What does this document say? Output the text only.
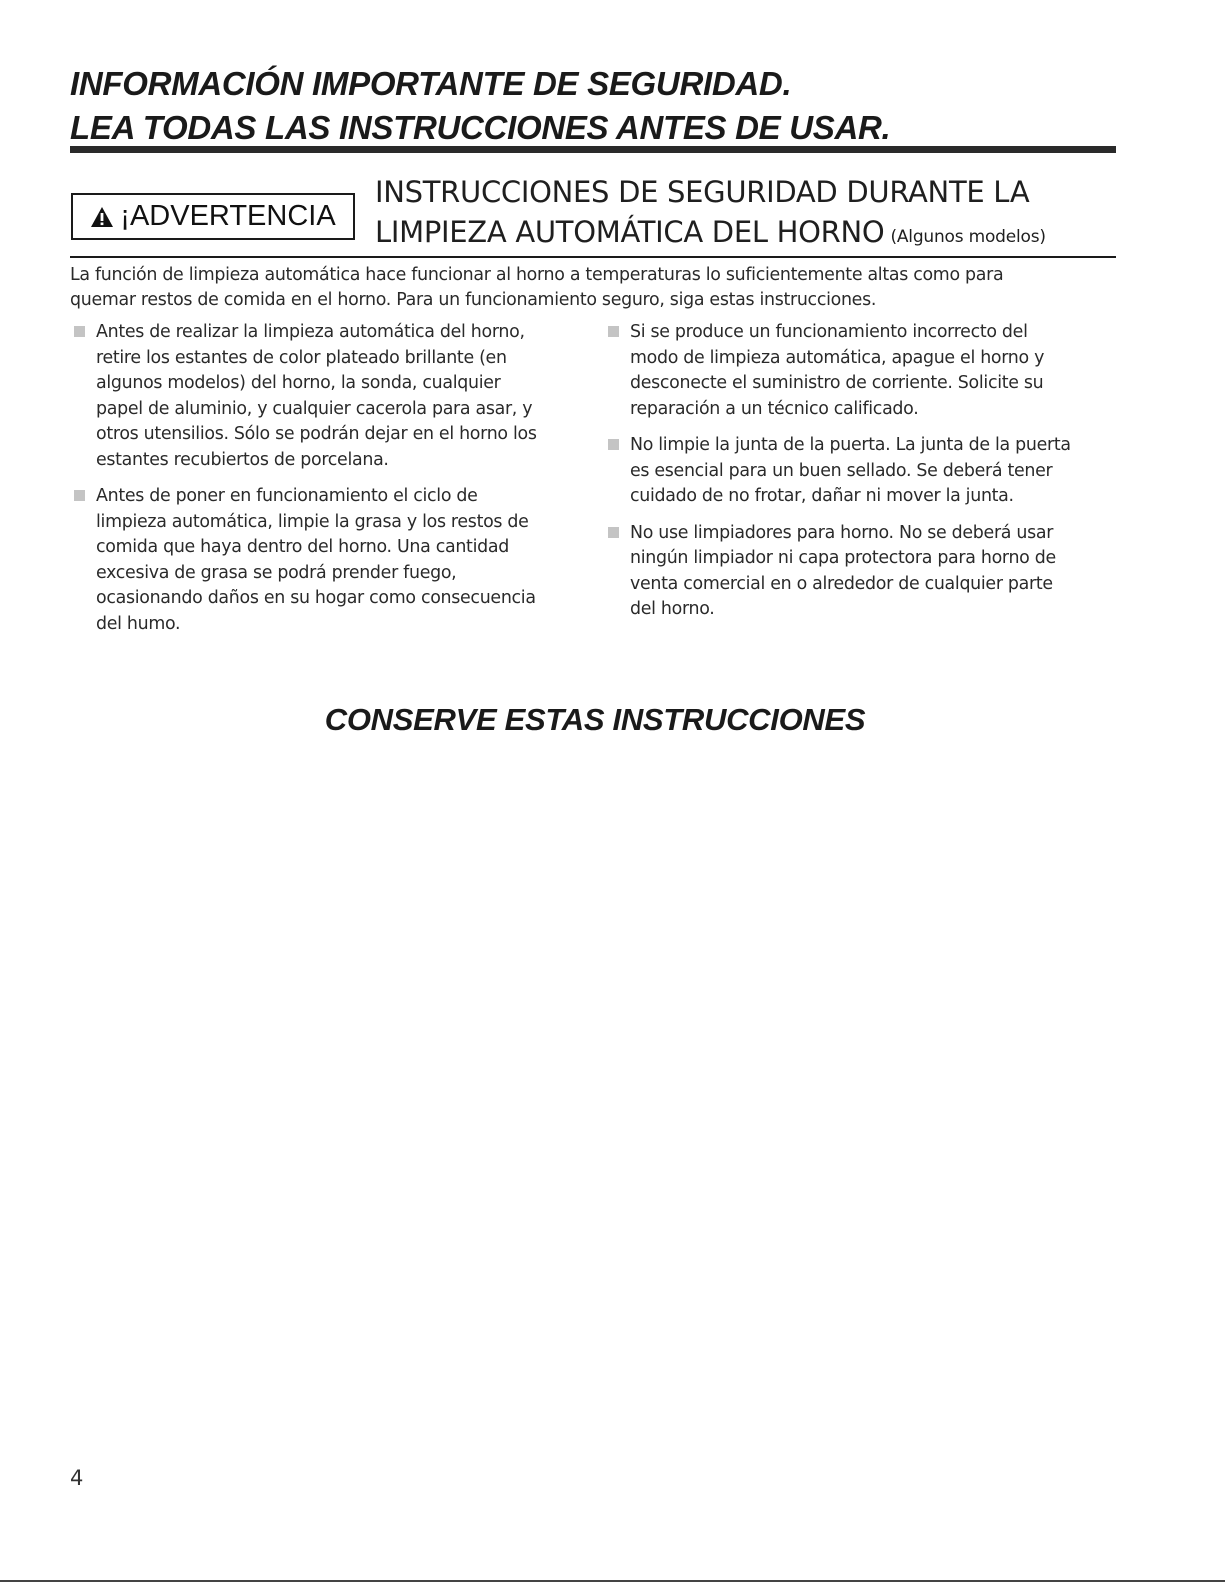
INFORMACIÓN IMPORTANTE DE SEGURIDAD.
LEA TODAS LAS INSTRUCCIONES ANTES DE USAR.
¡ADVERTENCIA
INSTRUCCIONES DE SEGURIDAD DURANTE LA
LIMPIEZA AUTOMÁTICA DEL HORNO (Algunos modelos)
La función de limpieza automática hace funcionar al horno a temperaturas lo suficientemente altas como para
quemar restos de comida en el horno. Para un funcionamiento seguro, siga estas instrucciones.
Antes de realizar la limpieza automática del horno,
retire los estantes de color plateado brillante (en
algunos modelos) del horno, la sonda, cualquier
papel de aluminio, y cualquier cacerola para asar, y
otros utensilios. Sólo se podrán dejar en el horno los
estantes recubiertos de porcelana.
Antes de poner en funcionamiento el ciclo de
limpieza automática, limpie la grasa y los restos de
comida que haya dentro del horno. Una cantidad
excesiva de grasa se podrá prender fuego,
ocasionando daños en su hogar como consecuencia
del humo.
Si se produce un funcionamiento incorrecto del
modo de limpieza automática, apague el horno y
desconecte el suministro de corriente. Solicite su
reparación a un técnico calificado.
No limpie la junta de la puerta. La junta de la puerta
es esencial para un buen sellado. Se deberá tener
cuidado de no frotar, dañar ni mover la junta.
No use limpiadores para horno. No se deberá usar
ningún limpiador ni capa protectora para horno de
venta comercial en o alrededor de cualquier parte
del horno.
CONSERVE ESTAS INSTRUCCIONES
4
